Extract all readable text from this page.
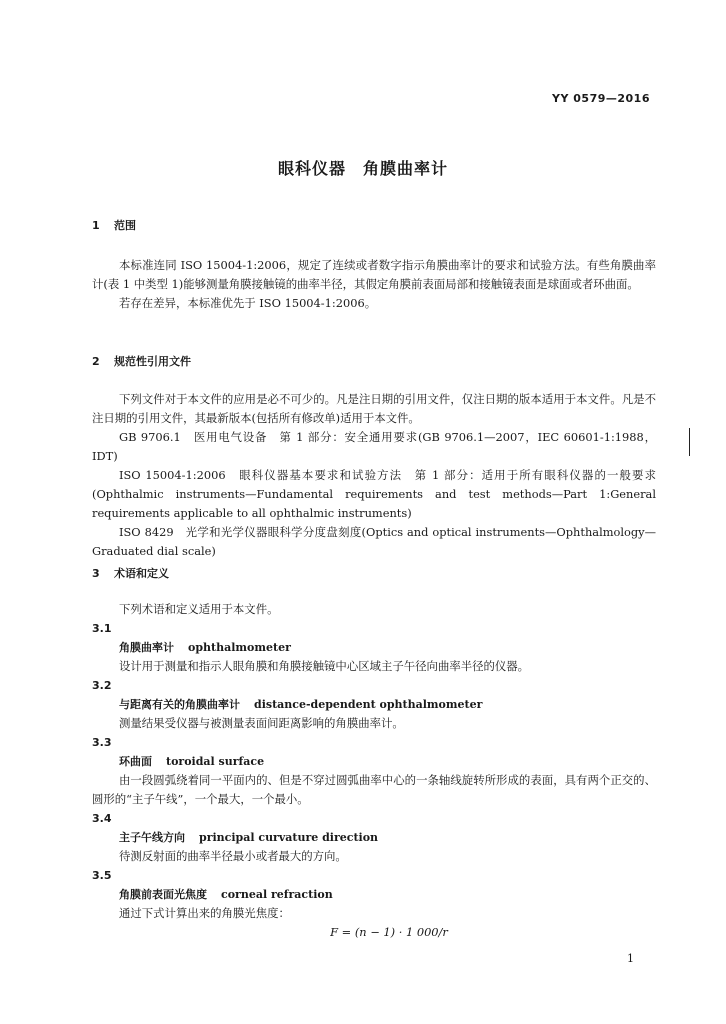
YY 0579—2016
眼科仪器　角膜曲率计
1 范围

本标准连同 ISO 15004-1:2006，规定了连续或者数字指示角膜曲率计的要求和试验方法。有些角膜曲率计(表 1 中类型 1)能够测量角膜接触镜的曲率半径，其假定角膜前表面局部和接触镜表面是球面或者环曲面。

若存在差异，本标准优先于 ISO 15004-1:2006。

2 规范性引用文件

下列文件对于本文件的应用是必不可少的。凡是注日期的引用文件，仅注日期的版本适用于本文件。凡是不注日期的引用文件，其最新版本(包括所有修改单)适用于本文件。

GB 9706.1　医用电气设备　第 1 部分：安全通用要求(GB 9706.1—2007，IEC 60601-1:1988，IDT)

ISO 15004-1:2006　眼科仪器基本要求和试验方法　第 1 部分：适用于所有眼科仪器的一般要求(Ophthalmic instruments—Fundamental requirements and test methods—Part 1:General requirements applicable to all ophthalmic instruments)

ISO 8429　光学和光学仪器眼科学分度盘刻度(Optics and optical instruments—Ophthalmology—Graduated dial scale)

3 术语和定义

下列术语和定义适用于本文件。

3.1
角膜曲率计 ophthalmometer

设计用于测量和指示人眼角膜和角膜接触镜中心区域主子午径向曲率半径的仪器。

3.2
与距离有关的角膜曲率计 distance-dependent ophthalmometer

测量结果受仪器与被测量表面间距离影响的角膜曲率计。

3.3
环曲面 toroidal surface

由一段圆弧绕着同一平面内的、但是不穿过圆弧曲率中心的一条轴线旋转所形成的表面，具有两个正交的、圆形的“主子午线”，一个最大，一个最小。

3.4
主子午线方向 principal curvature direction

待测反射面的曲率半径最小或者最大的方向。

3.5
角膜前表面光焦度 corneal refraction

通过下式计算出来的角膜光焦度：

F = (n − 1) · 1 000/r
1
